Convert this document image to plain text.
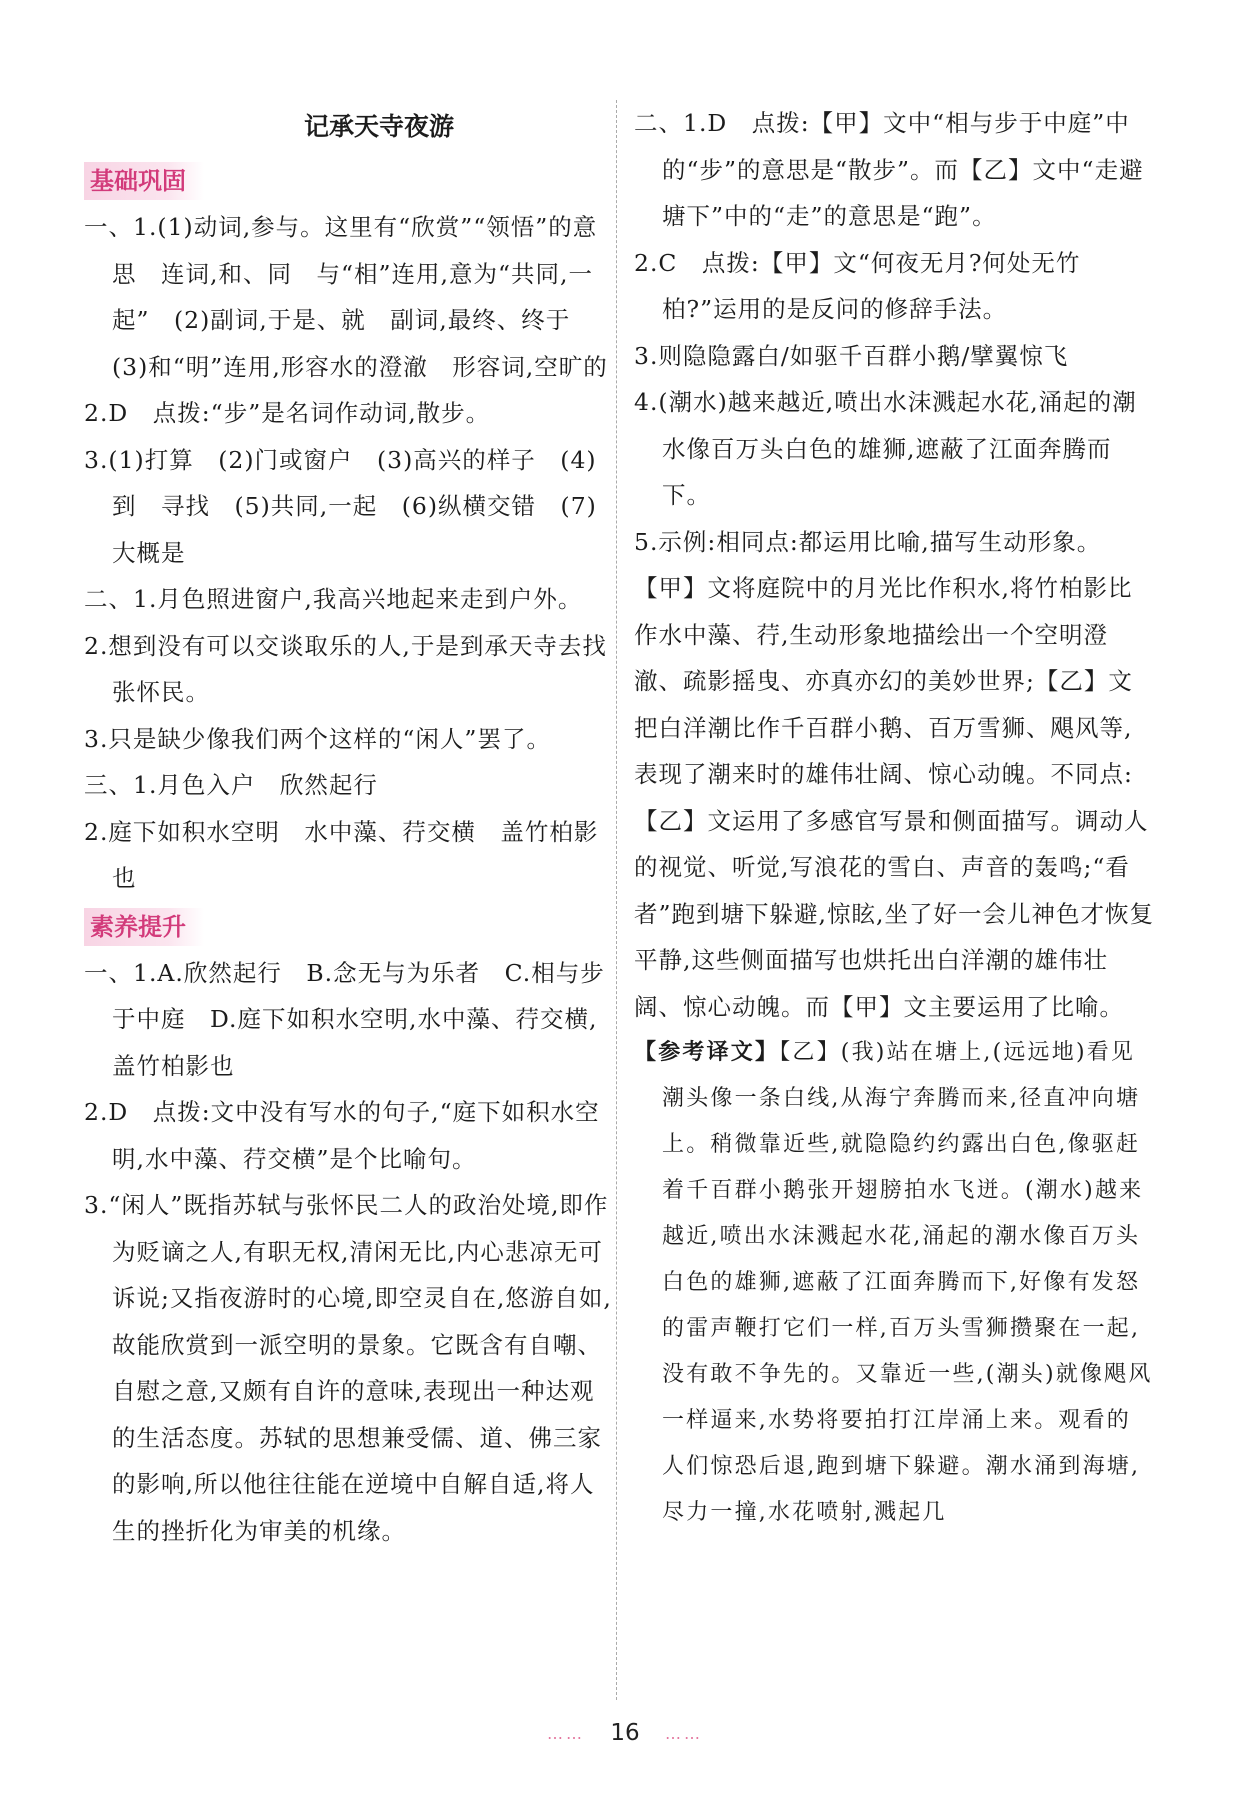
记承天寺夜游
基础巩固

一、1.(1)动词,参与。这里有“欣赏”“领悟”的意思　连词,和、同　与“相”连用,意为“共同,一起”　(2)副词,于是、就　副词,最终、终于　(3)和“明”连用,形容水的澄澈　形容词,空旷的

2.D　点拨:“步”是名词作动词,散步。

3.(1)打算　(2)门或窗户　(3)高兴的样子　(4)到　寻找　(5)共同,一起　(6)纵横交错　(7)大概是

二、1.月色照进窗户,我高兴地起来走到户外。

2.想到没有可以交谈取乐的人,于是到承天寺去找张怀民。

3.只是缺少像我们两个这样的“闲人”罢了。

三、1.月色入户　欣然起行

2.庭下如积水空明　水中藻、荇交横　盖竹柏影也

素养提升

一、1.A.欣然起行　B.念无与为乐者　C.相与步于中庭　D.庭下如积水空明,水中藻、荇交横,盖竹柏影也

2.D　点拨:文中没有写水的句子,“庭下如积水空明,水中藻、荇交横”是个比喻句。

3.“闲人”既指苏轼与张怀民二人的政治处境,即作为贬谪之人,有职无权,清闲无比,内心悲凉无可诉说;又指夜游时的心境,即空灵自在,悠游自如,故能欣赏到一派空明的景象。它既含有自嘲、自慰之意,又颇有自许的意味,表现出一种达观的生活态度。苏轼的思想兼受儒、道、佛三家的影响,所以他往往能在逆境中自解自适,将人生的挫折化为审美的机缘。

二、1.D　点拨:【甲】文中“相与步于中庭”中的“步”的意思是“散步”。而【乙】文中“走避塘下”中的“走”的意思是“跑”。

2.C　点拨:【甲】文“何夜无月?何处无竹柏?”运用的是反问的修辞手法。

3.则隐隐露白/如驱千百群小鹅/擘翼惊飞

4.(潮水)越来越近,喷出水沫溅起水花,涌起的潮水像百万头白色的雄狮,遮蔽了江面奔腾而下。

5.示例:相同点:都运用比喻,描写生动形象。

【甲】文将庭院中的月光比作积水,将竹柏影比作水中藻、荇,生动形象地描绘出一个空明澄澈、疏影摇曳、亦真亦幻的美妙世界;【乙】文把白洋潮比作千百群小鹅、百万雪狮、飓风等,表现了潮来时的雄伟壮阔、惊心动魄。不同点:【乙】文运用了多感官写景和侧面描写。调动人的视觉、听觉,写浪花的雪白、声音的轰鸣;“看者”跑到塘下躲避,惊眩,坐了好一会儿神色才恢复平静,这些侧面描写也烘托出白洋潮的雄伟壮阔、惊心动魄。而【甲】文主要运用了比喻。

【参考译文】【乙】(我)站在塘上,(远远地)看见潮头像一条白线,从海宁奔腾而来,径直冲向塘上。稍微靠近些,就隐隐约约露出白色,像驱赶着千百群小鹅张开翅膀拍水飞迸。(潮水)越来越近,喷出水沫溅起水花,涌起的潮水像百万头白色的雄狮,遮蔽了江面奔腾而下,好像有发怒的雷声鞭打它们一样,百万头雪狮攒聚在一起,没有敢不争先的。又靠近一些,(潮头)就像飓风一样逼来,水势将要拍打江岸涌上来。观看的人们惊恐后退,跑到塘下躲避。潮水涌到海塘,尽力一撞,水花喷射,溅起几

…… 16 ……
